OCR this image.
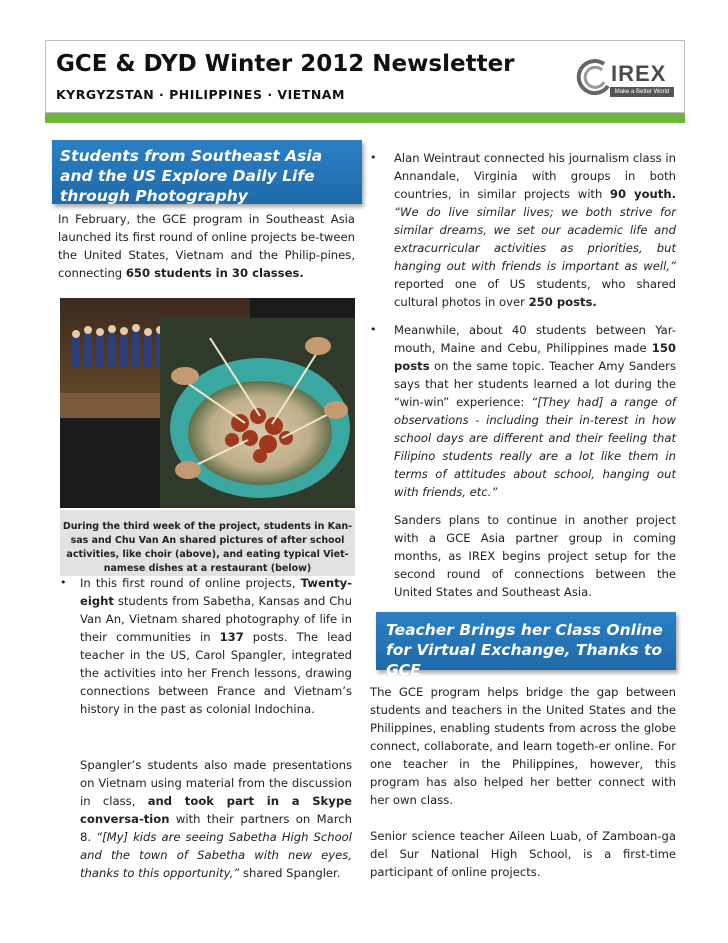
GCE & DYD Winter 2012 Newsletter
KYRGYZSTAN · PHILIPPINES · VIETNAM
IREX
Make a Better World
Students from Southeast Asia and the US Explore Daily Life through Photography
In February, the GCE program in Southeast Asia launched its first round of online projects be-tween the United States, Vietnam and the Philip-pines, connecting 650 students in 30 classes.
During the third week of the project, students in Kan-sas and Chu Van An shared pictures of after school activities, like choir (above), and eating typical Viet-namese dishes at a restaurant (below)
• In this first round of online projects, Twenty-eight students from Sabetha, Kansas and Chu Van An, Vietnam shared photography of life in their communities in 137 posts. The lead teacher in the US, Carol Spangler, integrated the activities into her French lessons, drawing connections between France and Vietnam’s history in the past as colonial Indochina.
Spangler’s students also made presentations on Vietnam using material from the discussion in class, and took part in a Skype conversa-tion with their partners on March 8. “[My] kids are seeing Sabetha High School and the town of Sabetha with new eyes, thanks to this opportunity,” shared Spangler.
• Alan Weintraut connected his journalism class in Annandale, Virginia with groups in both countries, in similar projects with 90 youth. “We do live similar lives; we both strive for similar dreams, we set our academic life and extracurricular activities as priorities, but hanging out with friends is important as well,” reported one of US students, who shared cultural photos in over 250 posts.
• Meanwhile, about 40 students between Yar-mouth, Maine and Cebu, Philippines made 150 posts on the same topic. Teacher Amy Sanders says that her students learned a lot during the “win-win” experience: “[They had] a range of observations - including their in-terest in how school days are different and their feeling that Filipino students really are a lot like them in terms of attitudes about school, hanging out with friends, etc.”
Sanders plans to continue in another project with a GCE Asia partner group in coming months, as IREX begins project setup for the second round of connections between the United States and Southeast Asia.
Teacher Brings her Class Online for Virtual Exchange, Thanks to GCE
The GCE program helps bridge the gap between students and teachers in the United States and the Philippines, enabling students from across the globe connect, collaborate, and learn togeth-er online. For one teacher in the Philippines, however, this program has also helped her better connect with her own class.
Senior science teacher Aileen Luab, of Zamboan-ga del Sur National High School, is a first-time participant of online projects.
